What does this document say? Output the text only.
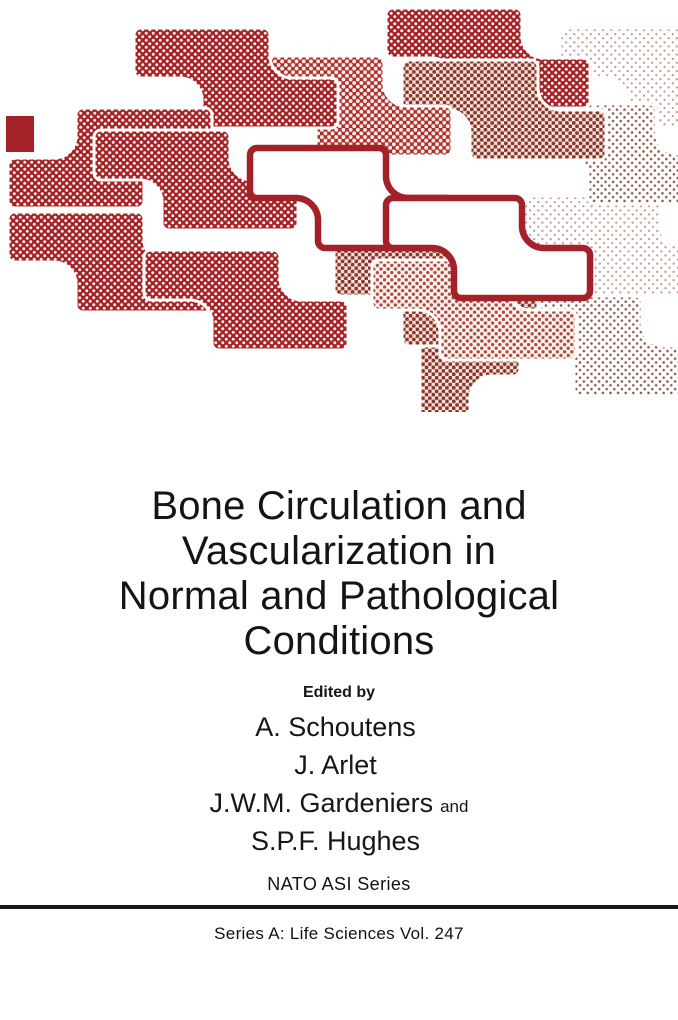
Bone Circulation and
Vascularization in
Normal and Pathological
Conditions
Edited by
A. Schoutens
J. Arlet
J.W.M. Gardeniers and
S.P.F. Hughes
NATO ASI Series
Series A: Life Sciences Vol. 247
